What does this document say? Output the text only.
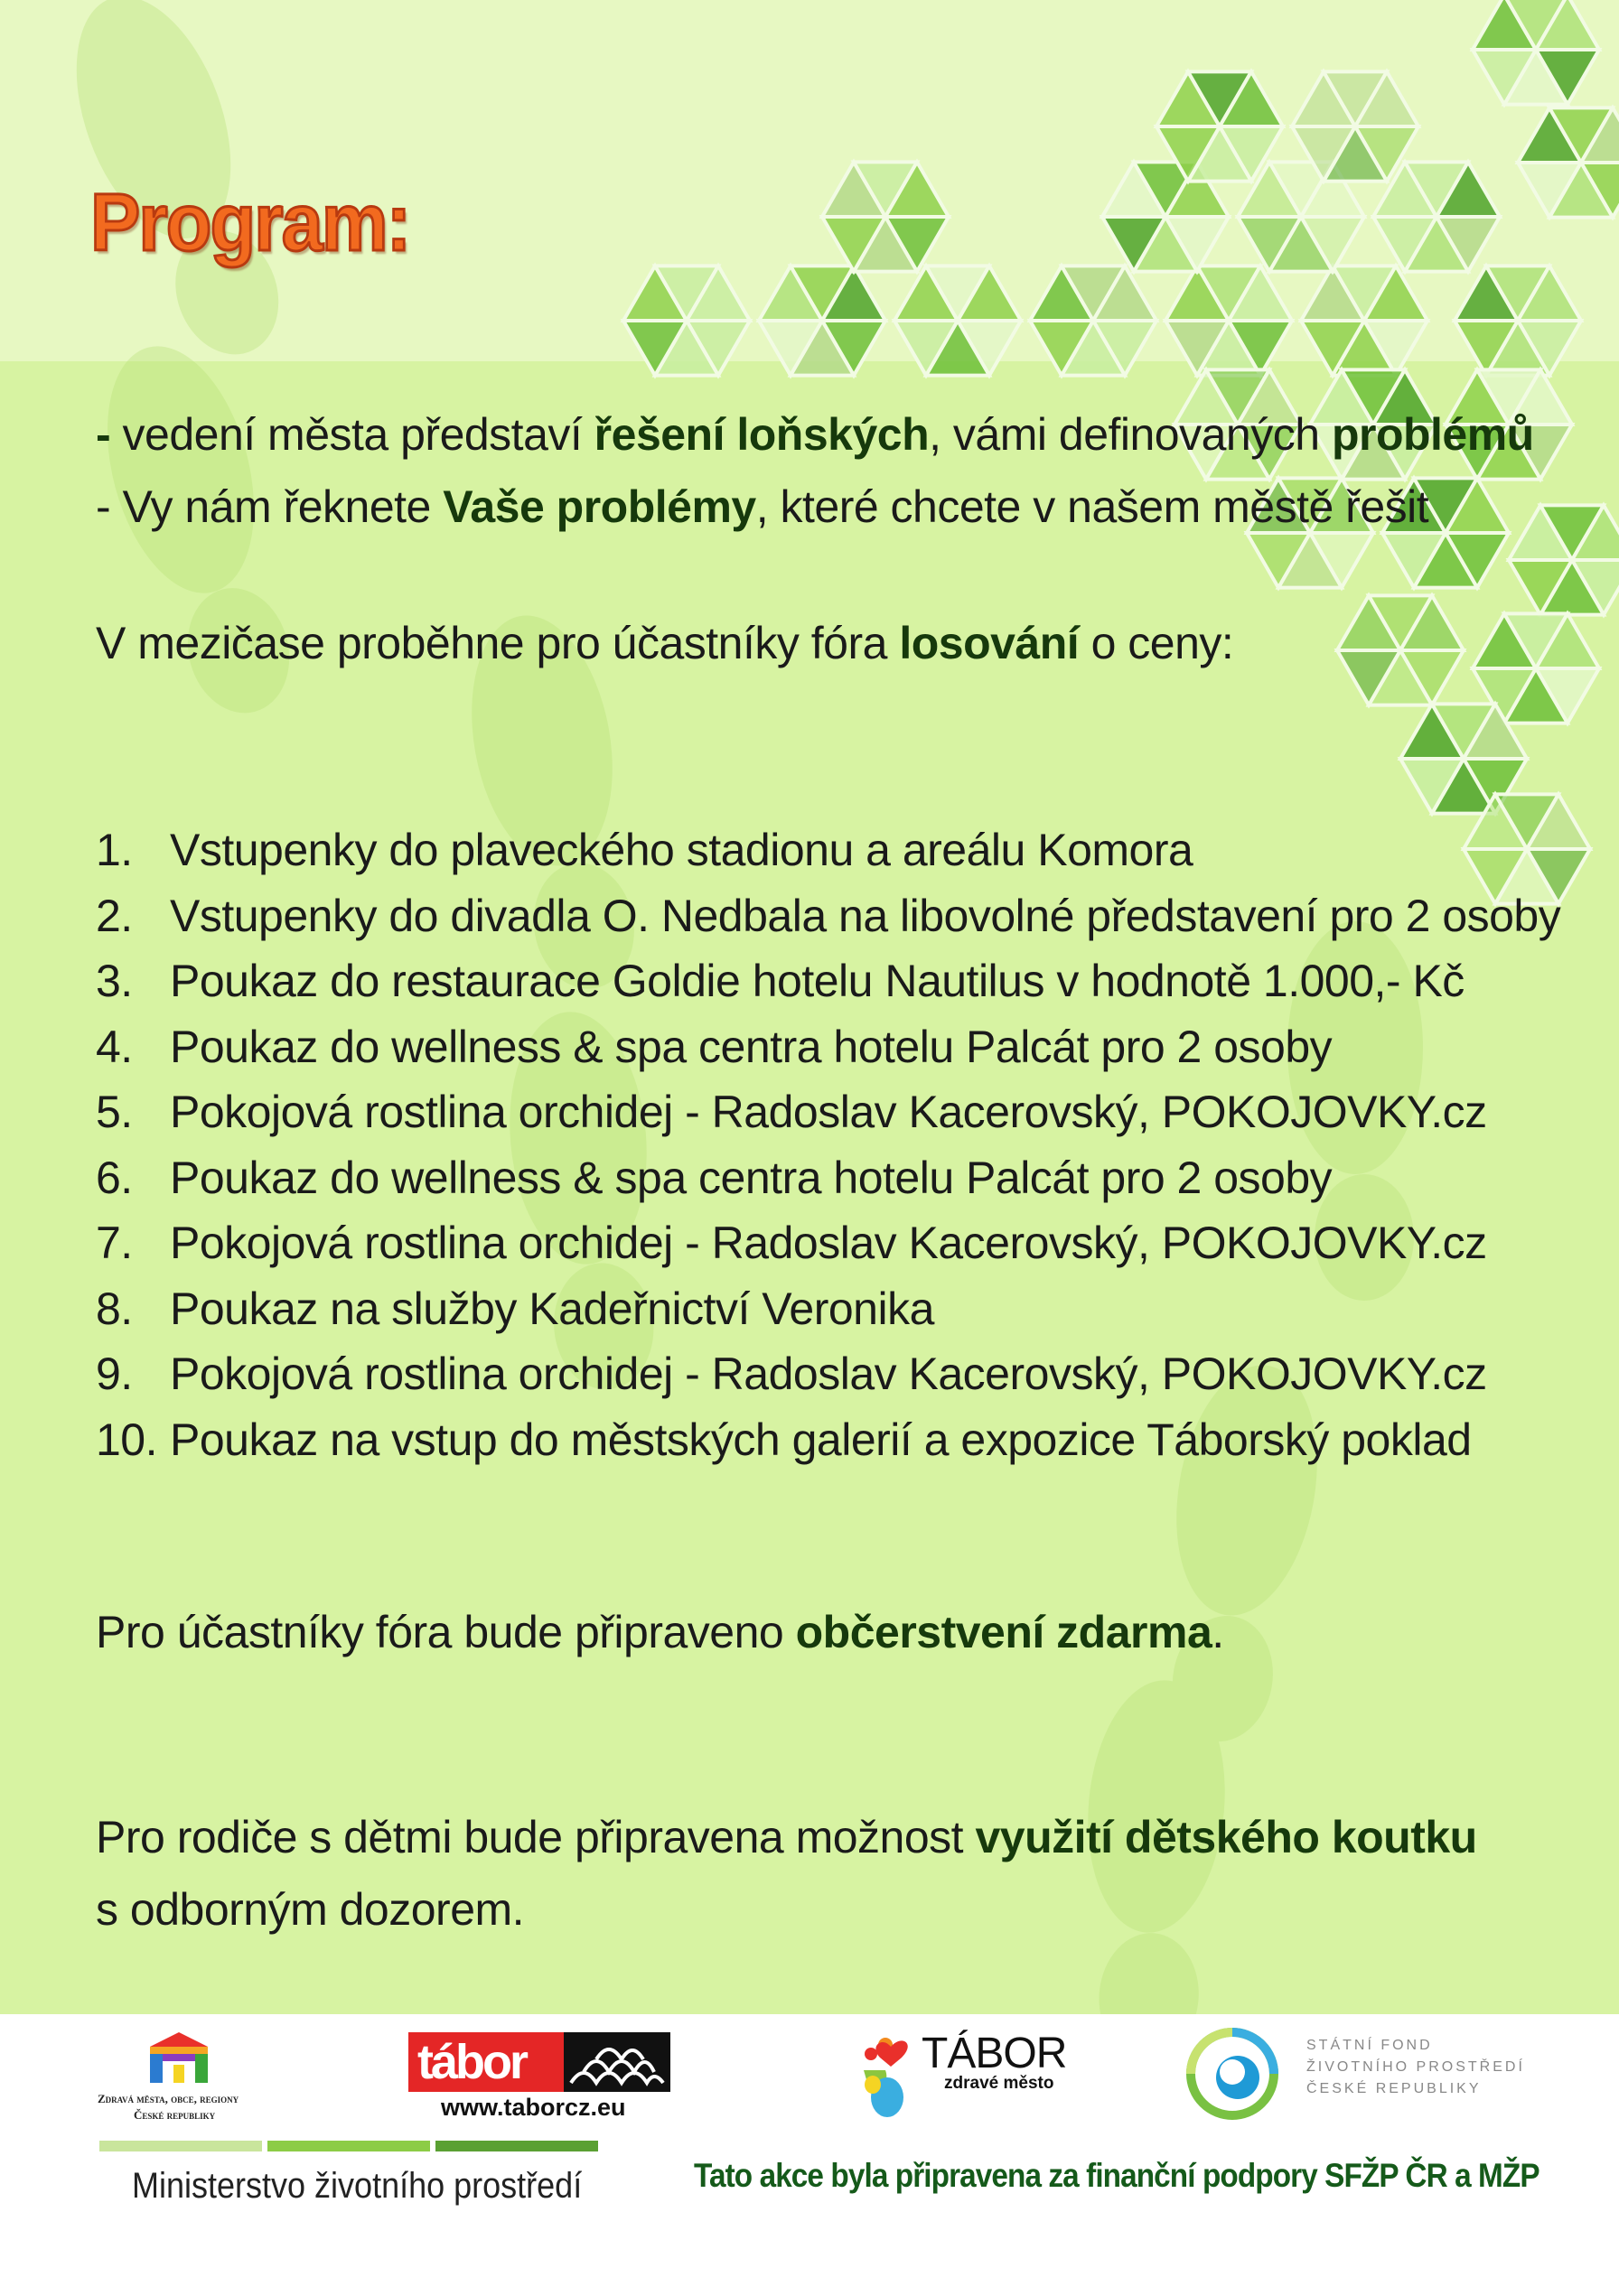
Program:

- vedení města představí řešení loňských, vámi definovaných problémů

- Vy nám řeknete Vaše problémy, které chcete v našem městě řešit

V mezičase proběhne pro účastníky fóra losování o ceny:

1. Vstupenky do plaveckého stadionu a areálu Komora
2. Vstupenky do divadla O. Nedbala na libovolné představení pro 2 osoby
3. Poukaz do restaurace Goldie hotelu Nautilus v hodnotě 1.000,- Kč
4. Poukaz do wellness & spa centra hotelu Palcát pro 2 osoby
5. Pokojová rostlina orchidej - Radoslav Kacerovský, POKOJOVKY.cz
6. Poukaz do wellness & spa centra hotelu Palcát pro 2 osoby
7. Pokojová rostlina orchidej - Radoslav Kacerovský, POKOJOVKY.cz
8. Poukaz na služby Kadeřnictví Veronika
9. Pokojová rostlina orchidej - Radoslav Kacerovský, POKOJOVKY.cz
10. Poukaz na vstup do městských galerií a expozice Táborský poklad

Pro účastníky fóra bude připraveno občerstvení zdarma.

Pro rodiče s dětmi bude připravena možnost využití dětského koutku

s odborným dozorem.

Zdravá města, obce, regiony
České republiky
tábor
www.taborcz.eu
TÁBOR
zdravé město
STÁTNÍ FOND
ŽIVOTNÍHO PROSTŘEDÍ
ČESKÉ REPUBLIKY
Ministerstvo životního prostředí	Tato akce byla připravena za finanční podpory SFŽP ČR a MŽP
